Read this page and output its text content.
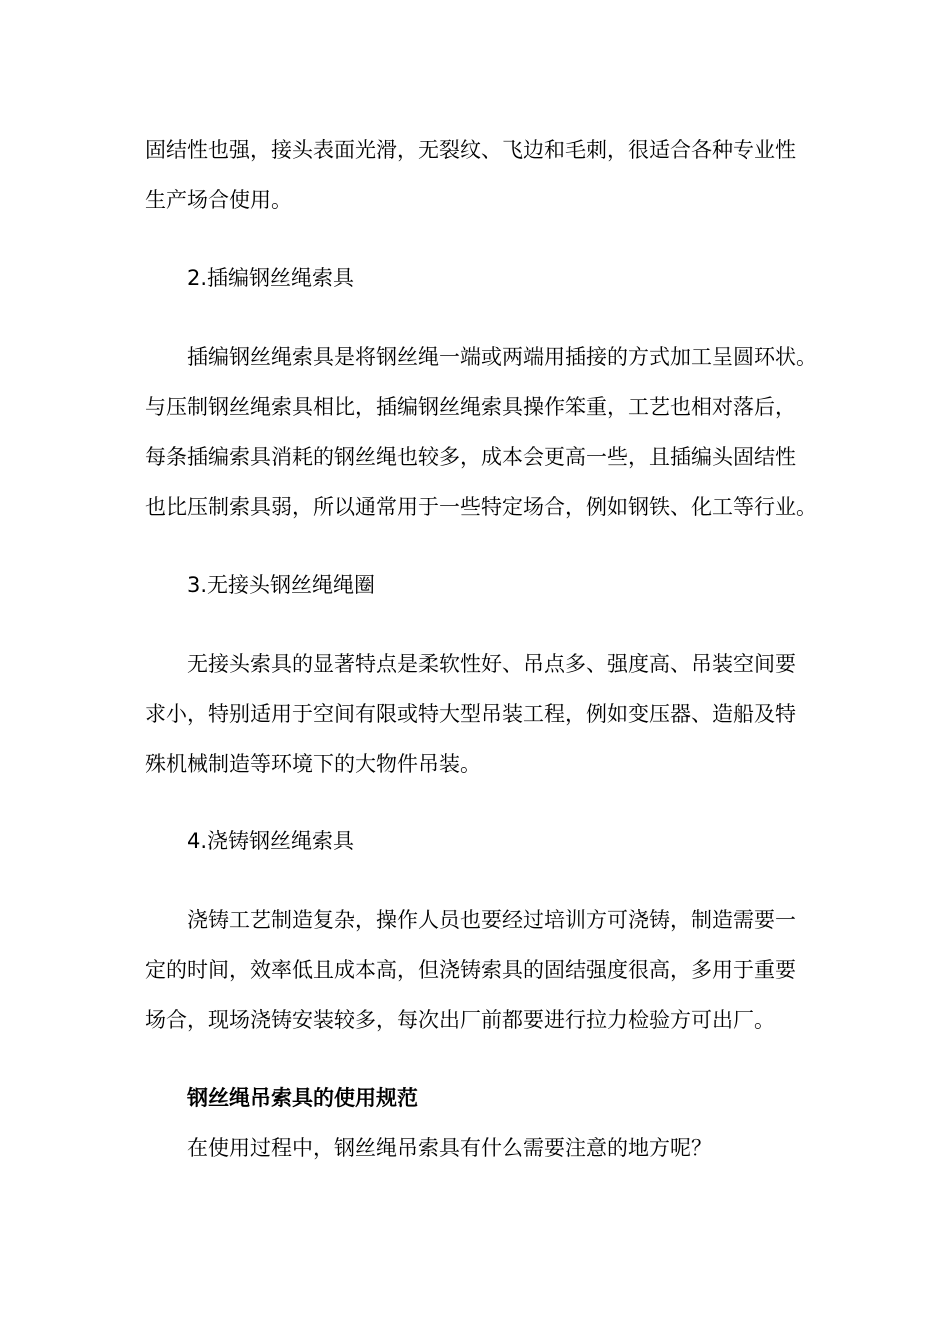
固结性也强，接头表面光滑，无裂纹、飞边和毛刺，很适合各种专业性
生产场合使用。
2.插编钢丝绳索具
插编钢丝绳索具是将钢丝绳一端或两端用插接的方式加工呈圆环状。
与压制钢丝绳索具相比，插编钢丝绳索具操作笨重，工艺也相对落后，
每条插编索具消耗的钢丝绳也较多，成本会更高一些，且插编头固结性
也比压制索具弱，所以通常用于一些特定场合，例如钢铁、化工等行业。
3.无接头钢丝绳绳圈
无接头索具的显著特点是柔软性好、吊点多、强度高、吊装空间要
求小，特别适用于空间有限或特大型吊装工程，例如变压器、造船及特
殊机械制造等环境下的大物件吊装。
4.浇铸钢丝绳索具
浇铸工艺制造复杂，操作人员也要经过培训方可浇铸，制造需要一
定的时间，效率低且成本高，但浇铸索具的固结强度很高，多用于重要
场合，现场浇铸安装较多，每次出厂前都要进行拉力检验方可出厂。
钢丝绳吊索具的使用规范
在使用过程中，钢丝绳吊索具有什么需要注意的地方呢？
